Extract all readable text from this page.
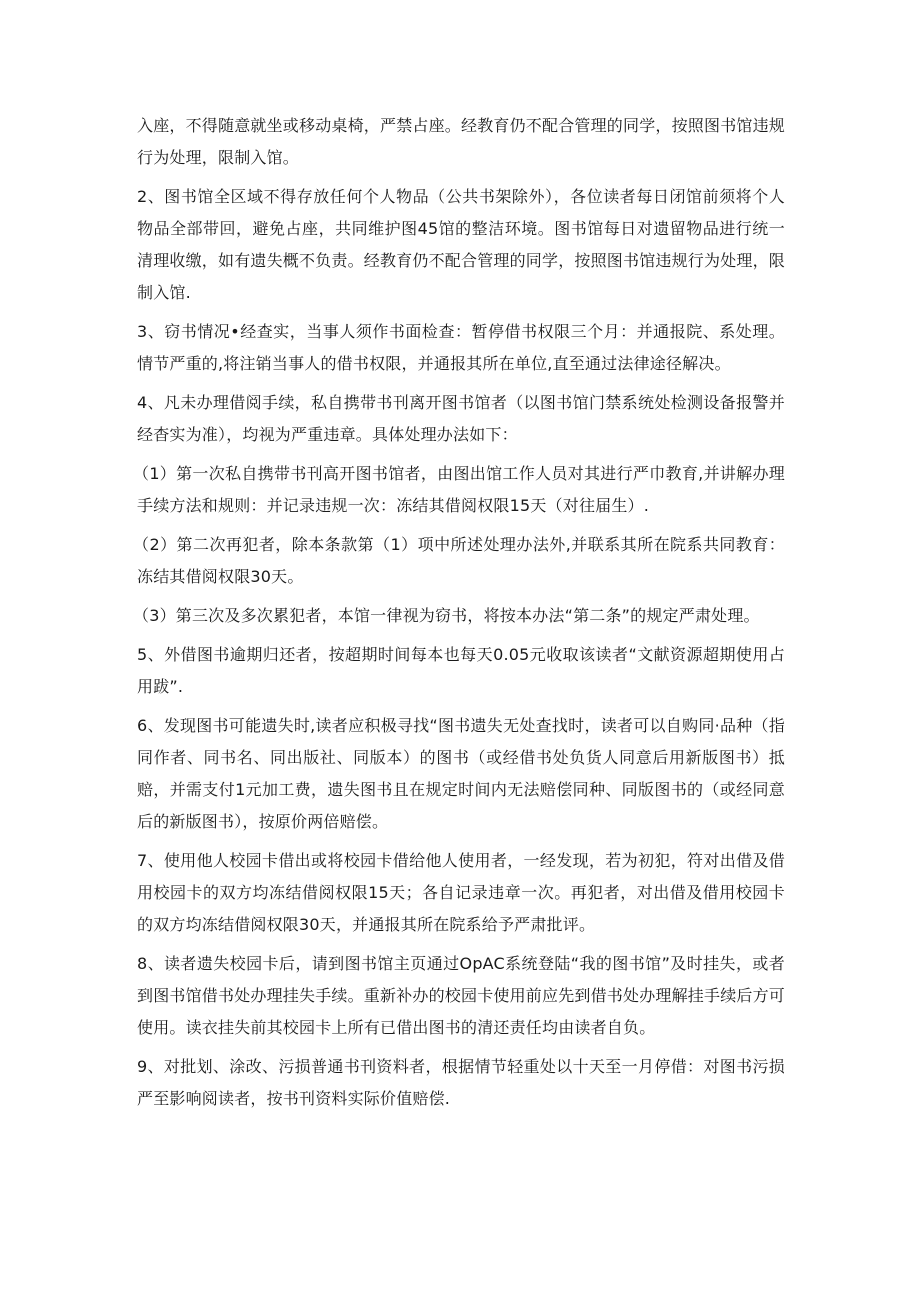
入座，不得随意就坐或移动桌椅，严禁占座。经教育仍不配合管理的同学，按照图书馆违规行为处理，限制入馆。

2、图书馆全区域不得存放任何个人物品（公共书架除外），各位读者每日闭馆前须将个人物品全部带回，避免占座，共同维护图45馆的整洁环境。图书馆每日对遗留物品进行统一清理收缴，如有遗失概不负责。经教育仍不配合管理的同学，按照图书馆违规行为处理，限制入馆.

3、窃书情况•经查实，当事人须作书面检查：暂停借书权限三个月：并通报院、系处理。情节严重的,将注销当事人的借书权限，并通报其所在单位,直至通过法律途径解决。

4、凡未办理借阅手续，私自携带书刊离开图书馆者（以图书馆门禁系统处检测设备报警并经杳实为准），均视为严重违章。具体处理办法如下：

（1）第一次私自携带书刊高开图书馆者，由图出馆工作人员对其进行严巾教育,并讲解办理手续方法和规则：并记录违规一次：冻结其借阅权限15天（对往届生）.

（2）第二次再犯者，除本条款第（1）项中所述处理办法外,并联系其所在院系共同教育：冻结其借阅权限30天。

（3）第三次及多次累犯者，本馆一律视为窃书，将按本办法“第二条”的规定严肃处理。

5、外借图书逾期归还者，按超期时间每本也每天0.05元收取该读者“文献资源超期使用占用跋”.

6、发现图书可能遗失时,读者应积极寻找“图书遗失无处查找时，读者可以自购同·品种（指同作者、同书名、同出版社、同版本）的图书（或经借书处负货人同意后用新版图书）抵赔，并需支付1元加工费，遗失图书且在规定时间内无法赔偿同种、同版图书的（或经同意后的新版图书），按原价两倍赔偿。

7、使用他人校园卡借出或将校园卡借给他人使用者，一经发现，若为初犯，符对出借及借用校园卡的双方均冻结借阅权限15天；各自记录违章一次。再犯者，对出借及借用校园卡的双方均冻结借阅权限30天，并通报其所在院系给予严肃批评。

8、读者遗失校园卡后，请到图书馆主页通过OpAC系统登陆“我的图书馆”及时挂失，或者到图书馆借书处办理挂失手续。重新补办的校园卡使用前应先到借书处办理解挂手续后方可使用。读衣挂失前其校园卡上所有已借出图书的清还责任均由读者自负。

9、对批划、涂改、污损普通书刊资料者，根据情节轻重处以十天至一月停借：对图书污损严至影响阅读者，按书刊资料实际价值赔偿.
